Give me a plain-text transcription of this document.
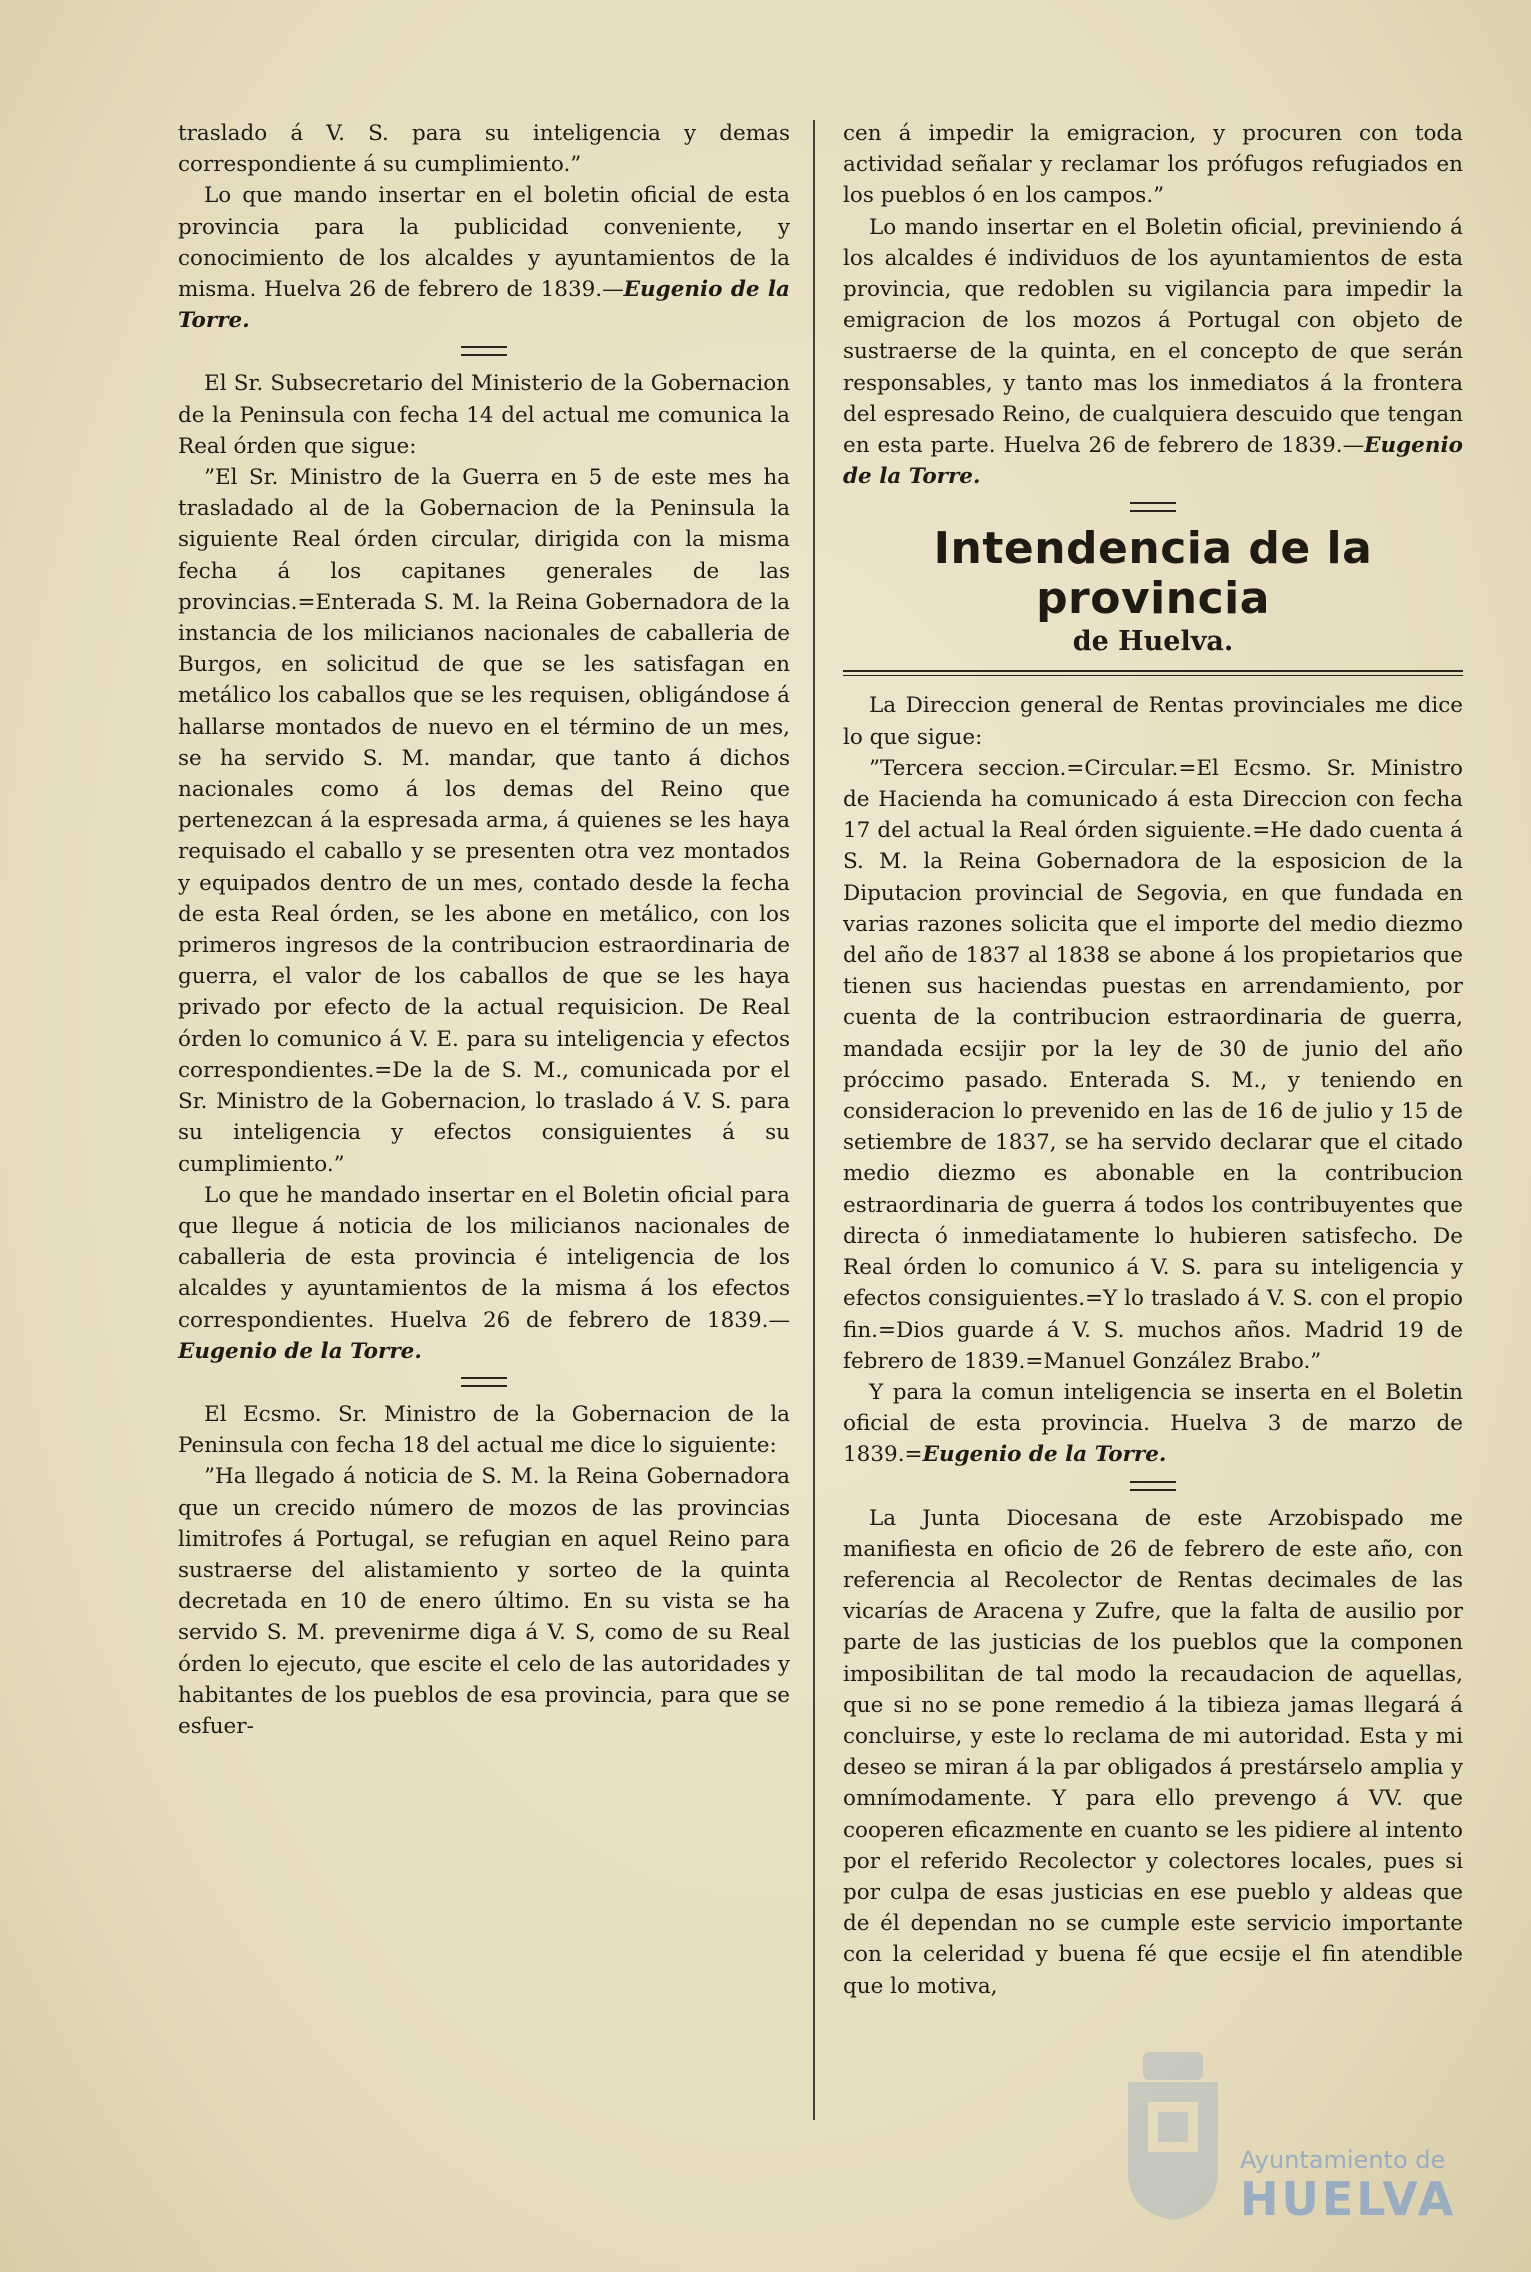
traslado á V. S. para su inteligencia y demas correspondiente á su cumplimiento.”

Lo que mando insertar en el boletin oficial de esta provincia para la publicidad conveniente, y conocimiento de los alcaldes y ayuntamientos de la misma. Huelva 26 de febrero de 1839.—Eugenio de la Torre.

El Sr. Subsecretario del Ministerio de la Gobernacion de la Peninsula con fecha 14 del actual me comunica la Real órden que sigue:

”El Sr. Ministro de la Guerra en 5 de este mes ha trasladado al de la Gobernacion de la Peninsula la siguiente Real órden circular, dirigida con la misma fecha á los capitanes generales de las provincias.=Enterada S. M. la Reina Gobernadora de la instancia de los milicianos nacionales de caballeria de Burgos, en solicitud de que se les satisfagan en metálico los caballos que se les requisen, obligándose á hallarse montados de nuevo en el término de un mes, se ha servido S. M. mandar, que tanto á dichos nacionales como á los demas del Reino que pertenezcan á la espresada arma, á quienes se les haya requisado el caballo y se presenten otra vez montados y equipados dentro de un mes, contado desde la fecha de esta Real órden, se les abone en metálico, con los primeros ingresos de la contribucion estraordinaria de guerra, el valor de los caballos de que se les haya privado por efecto de la actual requisicion. De Real órden lo comunico á V. E. para su inteligencia y efectos correspondientes.=De la de S. M., comunicada por el Sr. Ministro de la Gobernacion, lo traslado á V. S. para su inteligencia y efectos consiguientes á su cumplimiento.”

Lo que he mandado insertar en el Boletin oficial para que llegue á noticia de los milicianos nacionales de caballeria de esta provincia é inteligencia de los alcaldes y ayuntamientos de la misma á los efectos correspondientes. Huelva 26 de febrero de 1839.—Eugenio de la Torre.

El Ecsmo. Sr. Ministro de la Gobernacion de la Peninsula con fecha 18 del actual me dice lo siguiente:

”Ha llegado á noticia de S. M. la Reina Gobernadora que un crecido número de mozos de las provincias limitrofes á Portugal, se refugian en aquel Reino para sustraerse del alistamiento y sorteo de la quinta decretada en 10 de enero último. En su vista se ha servido S. M. prevenirme diga á V. S, como de su Real órden lo ejecuto, que escite el celo de las autoridades y habitantes de los pueblos de esa provincia, para que se esfuer-

cen á impedir la emigracion, y procuren con toda actividad señalar y reclamar los prófugos refugiados en los pueblos ó en los campos.”

Lo mando insertar en el Boletin oficial, previniendo á los alcaldes é individuos de los ayuntamientos de esta provincia, que redoblen su vigilancia para impedir la emigracion de los mozos á Portugal con objeto de sustraerse de la quinta, en el concepto de que serán responsables, y tanto mas los inmediatos á la frontera del espresado Reino, de cualquiera descuido que tengan en esta parte. Huelva 26 de febrero de 1839.—Eugenio de la Torre.

Intendencia de la provincia
de Huelva.

La Direccion general de Rentas provinciales me dice lo que sigue:

”Tercera seccion.=Circular.=El Ecsmo. Sr. Ministro de Hacienda ha comunicado á esta Direccion con fecha 17 del actual la Real órden siguiente.=He dado cuenta á S. M. la Reina Gobernadora de la esposicion de la Diputacion provincial de Segovia, en que fundada en varias razones solicita que el importe del medio diezmo del año de 1837 al 1838 se abone á los propietarios que tienen sus haciendas puestas en arrendamiento, por cuenta de la contribucion estraordinaria de guerra, mandada ecsijir por la ley de 30 de junio del año próccimo pasado. Enterada S. M., y teniendo en consideracion lo prevenido en las de 16 de julio y 15 de setiembre de 1837, se ha servido declarar que el citado medio diezmo es abonable en la contribucion estraordinaria de guerra á todos los contribuyentes que directa ó inmediatamente lo hubieren satisfecho. De Real órden lo comunico á V. S. para su inteligencia y efectos consiguientes.=Y lo traslado á V. S. con el propio fin.=Dios guarde á V. S. muchos años. Madrid 19 de febrero de 1839.=Manuel González Brabo.”

Y para la comun inteligencia se inserta en el Boletin oficial de esta provincia. Huelva 3 de marzo de 1839.=Eugenio de la Torre.

La Junta Diocesana de este Arzobispado me manifiesta en oficio de 26 de febrero de este año, con referencia al Recolector de Rentas decimales de las vicarías de Aracena y Zufre, que la falta de ausilio por parte de las justicias de los pueblos que la componen imposibilitan de tal modo la recaudacion de aquellas, que si no se pone remedio á la tibieza jamas llegará á concluirse, y este lo reclama de mi autoridad. Esta y mi deseo se miran á la par obligados á prestárselo amplia y omnímodamente. Y para ello prevengo á VV. que cooperen eficazmente en cuanto se les pidiere al intento por el referido Recolector y colectores locales, pues si por culpa de esas justicias en ese pueblo y aldeas que de él dependan no se cumple este servicio importante con la celeridad y buena fé que ecsije el fin atendible que lo motiva,

Ayuntamiento de
HUELVA
